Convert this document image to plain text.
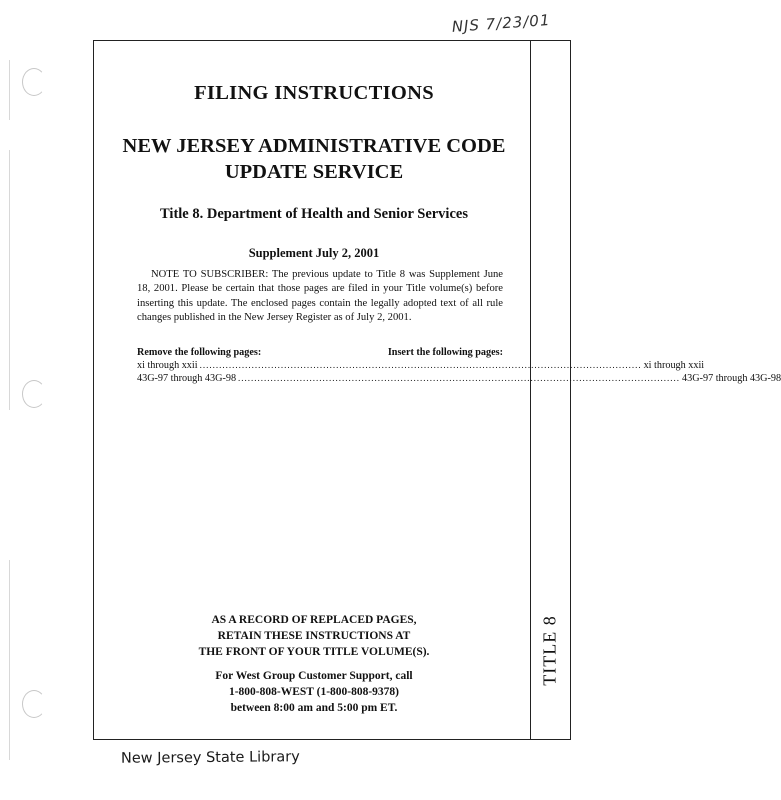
NJS 7/23/01
TITLE 8
FILING INSTRUCTIONS
NEW JERSEY ADMINISTRATIVE CODE
UPDATE SERVICE
Title 8. Department of Health and Senior Services
Supplement July 2, 2001
NOTE TO SUBSCRIBER: The previous update to Title 8 was Supplement June 18, 2001. Please be certain that those pages are filed in your Title volume(s) before inserting this update. The enclosed pages contain the legally adopted text of all rule changes published in the New Jersey Register as of July 2, 2001.
Remove the following pages:	Insert the following pages:
xi through xxii ........................................................................................................................................ xi through xxii
43G-97 through 43G-98 ........................................................................................................................................ 43G-97 through 43G-98
AS A RECORD OF REPLACED PAGES,
RETAIN THESE INSTRUCTIONS AT
THE FRONT OF YOUR TITLE VOLUME(S).
For West Group Customer Support, call
1-800-808-WEST (1-800-808-9378)
between 8:00 am and 5:00 pm ET.
New Jersey State Library
